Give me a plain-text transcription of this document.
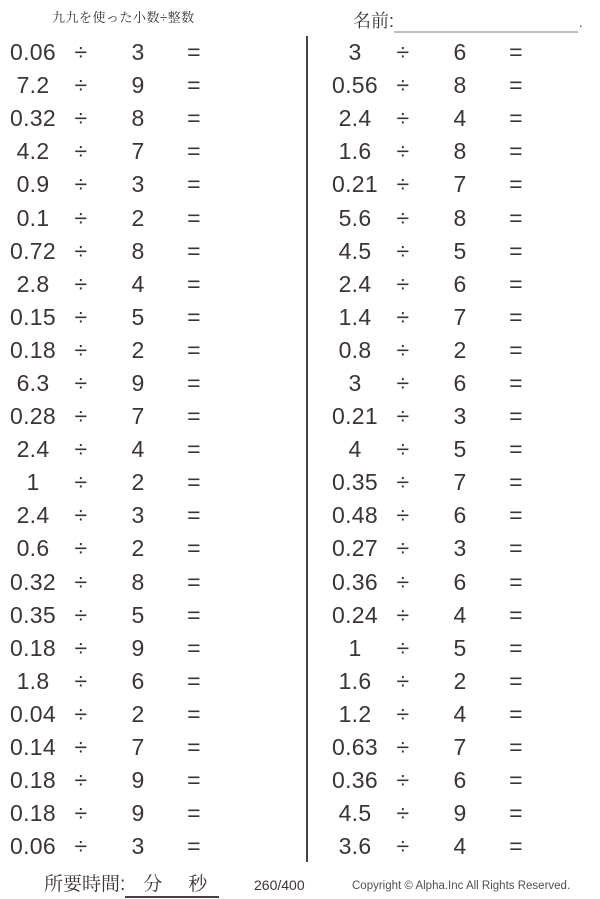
九九を使った小数÷整数	名前:	.
0.06 ÷	3	=
7.2	÷	9	=
0.32 ÷	8	=
4.2	÷	7	=
0.9	÷	3	=
0.1	÷	2	=
0.72 ÷	8	=
2.8	÷	4	=
0.15 ÷	5	=
0.18 ÷	2	=
6.3	÷	9	=
0.28 ÷	7	=
2.4	÷	4	=
1	÷	2	=
2.4	÷	3	=
0.6	÷	2	=
0.32 ÷	8	=
0.35 ÷	5	=
0.18 ÷	9	=
1.8	÷	6	=
0.04 ÷	2	=
0.14 ÷	7	=
0.18 ÷	9	=
0.18 ÷	9	=
0.06 ÷	3	=
3	÷	6	=
0.56 ÷	8	=
2.4	÷	4	=
1.6	÷	8	=
0.21 ÷	7	=
5.6	÷	8	=
4.5	÷	5	=
2.4	÷	6	=
1.4	÷	7	=
0.8	÷	2	=
3	÷	6	=
0.21 ÷	3	=
4	÷	5	=
0.35 ÷	7	=
0.48 ÷	6	=
0.27 ÷	3	=
0.36 ÷	6	=
0.24 ÷	4	=
1	÷	5	=
1.6	÷	2	=
1.2	÷	4	=
0.63 ÷	7	=
0.36 ÷	6	=
4.5	÷	9	=
3.6	÷	4	=
所要時間: 分 秒	260/400	Copyright © Alpha.Inc All Rights Reserved.
